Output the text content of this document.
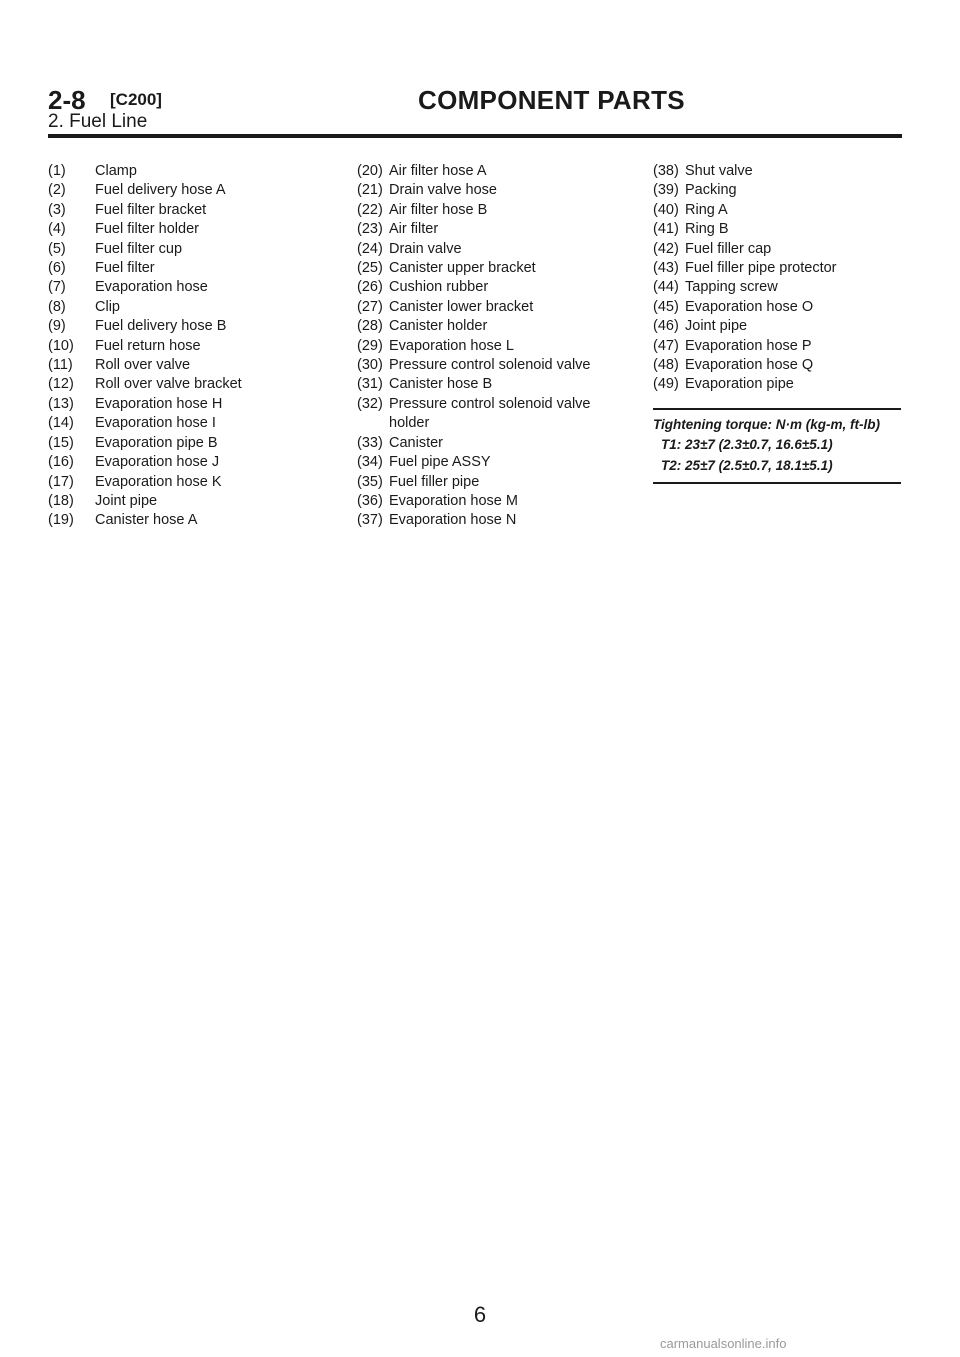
2-8 [C200]	COMPONENT PARTS
2. Fuel Line
(1) Clamp
(2) Fuel delivery hose A
(3) Fuel filter bracket
(4) Fuel filter holder
(5) Fuel filter cup
(6) Fuel filter
(7) Evaporation hose
(8) Clip
(9) Fuel delivery hose B
(10) Fuel return hose
(11) Roll over valve
(12) Roll over valve bracket
(13) Evaporation hose H
(14) Evaporation hose I
(15) Evaporation pipe B
(16) Evaporation hose J
(17) Evaporation hose K
(18) Joint pipe
(19) Canister hose A
(20) Air filter hose A
(21) Drain valve hose
(22) Air filter hose B
(23) Air filter
(24) Drain valve
(25) Canister upper bracket
(26) Cushion rubber
(27) Canister lower bracket
(28) Canister holder
(29) Evaporation hose L
(30) Pressure control solenoid valve
(31) Canister hose B
(32) Pressure control solenoid valve holder
(33) Canister
(34) Fuel pipe ASSY
(35) Fuel filler pipe
(36) Evaporation hose M
(37) Evaporation hose N
(38) Shut valve
(39) Packing
(40) Ring A
(41) Ring B
(42) Fuel filler cap
(43) Fuel filler pipe protector
(44) Tapping screw
(45) Evaporation hose O
(46) Joint pipe
(47) Evaporation hose P
(48) Evaporation hose Q
(49) Evaporation pipe
Tightening torque: N·m (kg-m, ft-lb)
T1: 23±7 (2.3±0.7, 16.6±5.1)
T2: 25±7 (2.5±0.7, 18.1±5.1)
6
carmanualsonline.info
